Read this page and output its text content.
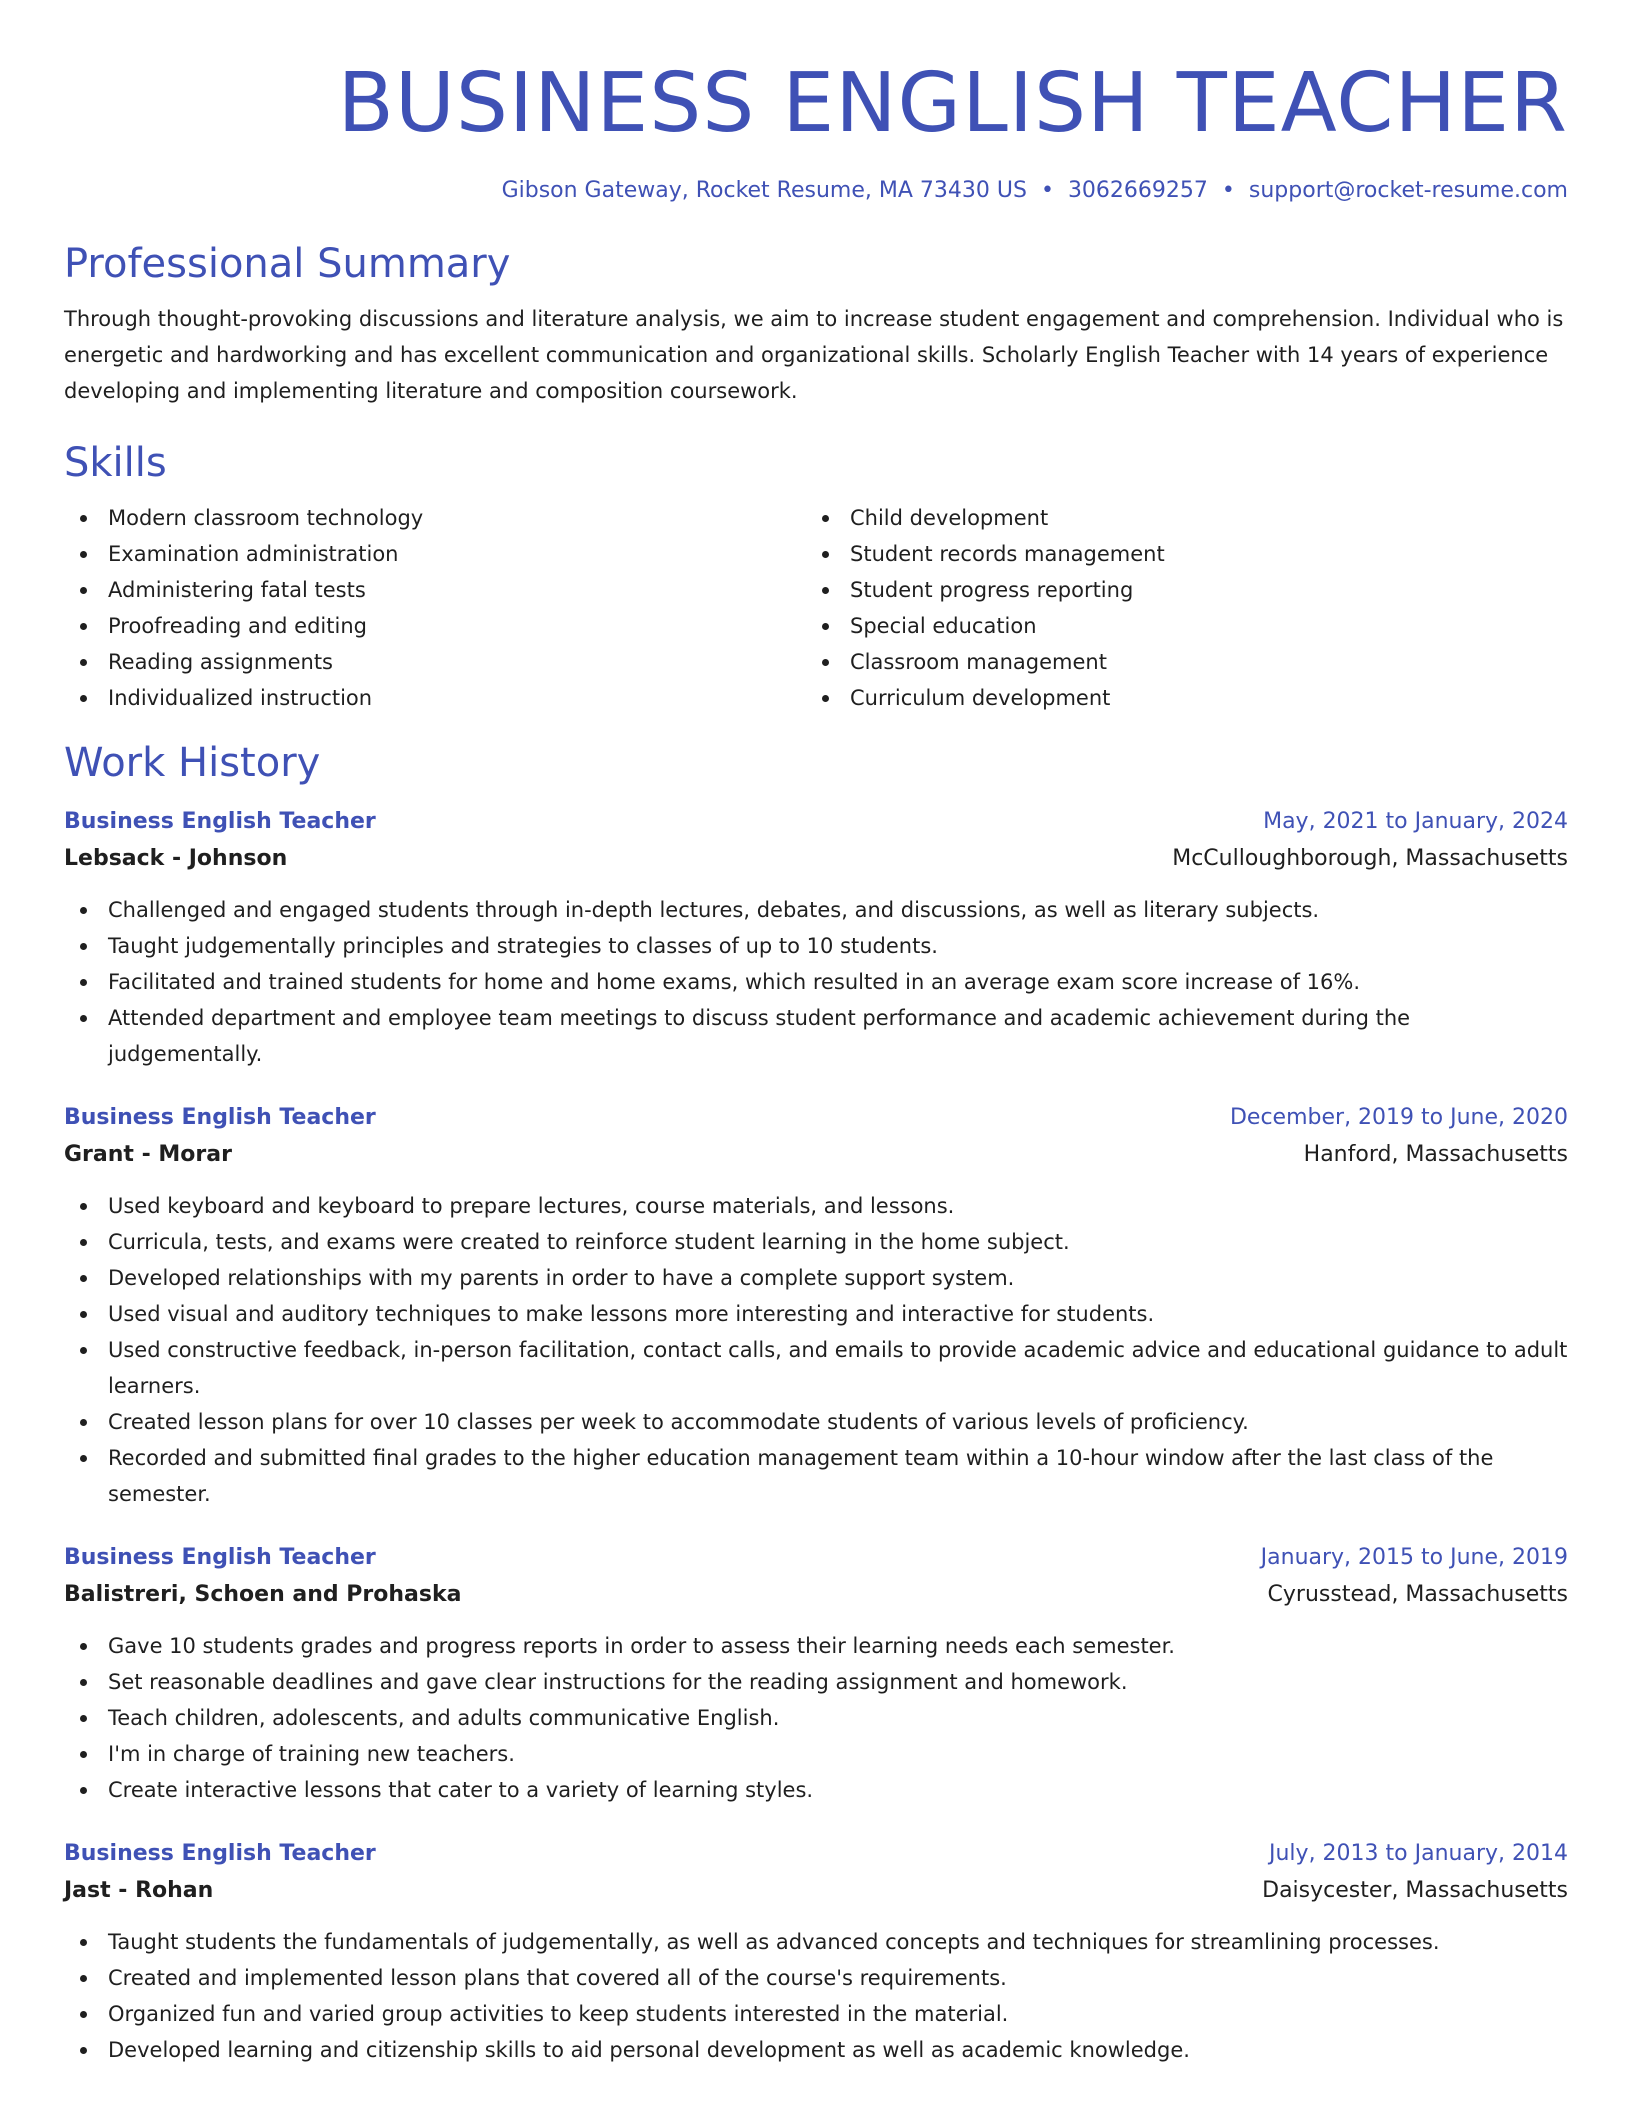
BUSINESS ENGLISH TEACHER
Gibson Gateway, Rocket Resume, MA 73430 US • 3062669257 • support@rocket-resume.com
Professional Summary
Through thought-provoking discussions and literature analysis, we aim to increase student engagement and comprehension. Individual who is energetic and hardworking and has excellent communication and organizational skills. Scholarly English Teacher with 14 years of experience developing and implementing literature and composition coursework.
Skills
Modern classroom technology
Examination administration
Administering fatal tests
Proofreading and editing
Reading assignments
Individualized instruction
Child development
Student records management
Student progress reporting
Special education
Classroom management
Curriculum development
Work History
Business English Teacher	May, 2021 to January, 2024
Lebsack - Johnson	McCulloughborough, Massachusetts
Challenged and engaged students through in-depth lectures, debates, and discussions, as well as literary subjects.
Taught judgementally principles and strategies to classes of up to 10 students.
Facilitated and trained students for home and home exams, which resulted in an average exam score increase of 16%.
Attended department and employee team meetings to discuss student performance and academic achievement during the judgementally.
Business English Teacher	December, 2019 to June, 2020
Grant - Morar	Hanford, Massachusetts
Used keyboard and keyboard to prepare lectures, course materials, and lessons.
Curricula, tests, and exams were created to reinforce student learning in the home subject.
Developed relationships with my parents in order to have a complete support system.
Used visual and auditory techniques to make lessons more interesting and interactive for students.
Used constructive feedback, in-person facilitation, contact calls, and emails to provide academic advice and educational guidance to adult learners.
Created lesson plans for over 10 classes per week to accommodate students of various levels of proficiency.
Recorded and submitted final grades to the higher education management team within a 10-hour window after the last class of the semester.
Business English Teacher	January, 2015 to June, 2019
Balistreri, Schoen and Prohaska	Cyrusstead, Massachusetts
Gave 10 students grades and progress reports in order to assess their learning needs each semester.
Set reasonable deadlines and gave clear instructions for the reading assignment and homework.
Teach children, adolescents, and adults communicative English.
I'm in charge of training new teachers.
Create interactive lessons that cater to a variety of learning styles.
Business English Teacher	July, 2013 to January, 2014
Jast - Rohan	Daisycester, Massachusetts
Taught students the fundamentals of judgementally, as well as advanced concepts and techniques for streamlining processes.
Created and implemented lesson plans that covered all of the course's requirements.
Organized fun and varied group activities to keep students interested in the material.
Developed learning and citizenship skills to aid personal development as well as academic knowledge.
